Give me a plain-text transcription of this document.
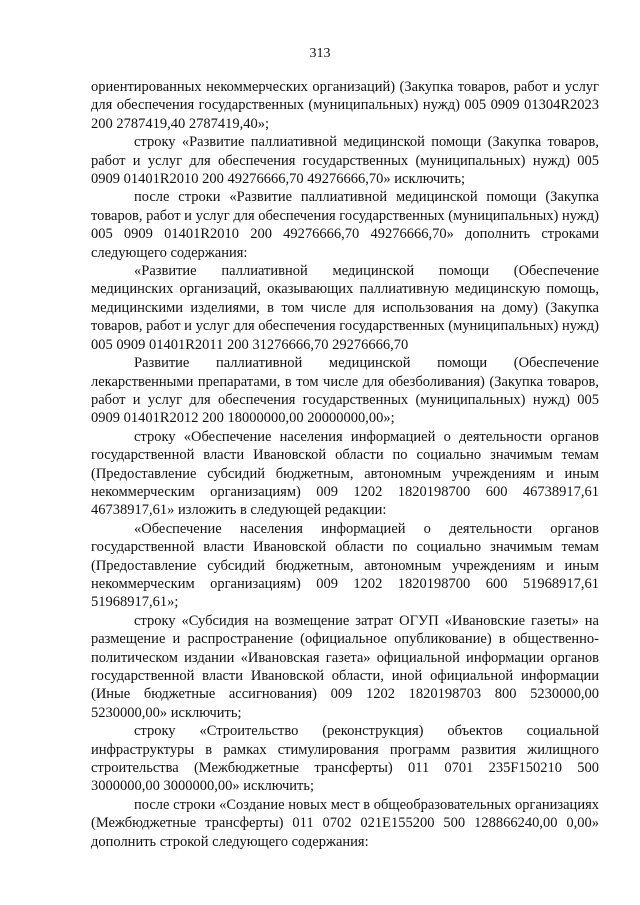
313

ориентированных некоммерческих организаций) (Закупка товаров, работ и услуг для обеспечения государственных (муниципальных) нужд) 005 0909 01304R2023 200 2787419,40 2787419,40»;

строку «Развитие паллиативной медицинской помощи (Закупка товаров, работ и услуг для обеспечения государственных (муниципальных) нужд) 005 0909 01401R2010 200 49276666,70 49276666,70» исключить;

после строки «Развитие паллиативной медицинской помощи (Закупка товаров, работ и услуг для обеспечения государственных (муниципальных) нужд) 005 0909 01401R2010 200 49276666,70 49276666,70» дополнить строками следующего содержания:

«Развитие паллиативной медицинской помощи (Обеспечение медицинских организаций, оказывающих паллиативную медицинскую помощь, медицинскими изделиями, в том числе для использования на дому) (Закупка товаров, работ и услуг для обеспечения государственных (муниципальных) нужд) 005 0909 01401R2011 200 31276666,70 29276666,70

Развитие паллиативной медицинской помощи (Обеспечение лекарственными препаратами, в том числе для обезболивания) (Закупка товаров, работ и услуг для обеспечения государственных (муниципальных) нужд) 005 0909 01401R2012 200 18000000,00 20000000,00»;

строку «Обеспечение населения информацией о деятельности органов государственной власти Ивановской области по социально значимым темам (Предоставление субсидий бюджетным, автономным учреждениям и иным некоммерческим организациям) 009 1202 1820198700 600 46738917,61 46738917,61» изложить в следующей редакции:

«Обеспечение населения информацией о деятельности органов государственной власти Ивановской области по социально значимым темам (Предоставление субсидий бюджетным, автономным учреждениям и иным некоммерческим организациям) 009 1202 1820198700 600 51968917,61 51968917,61»;

строку «Субсидия на возмещение затрат ОГУП «Ивановские газеты» на размещение и распространение (официальное опубликование) в общественно-политическом издании «Ивановская газета» официальной информации органов государственной власти Ивановской области, иной официальной информации (Иные бюджетные ассигнования) 009 1202 1820198703 800 5230000,00 5230000,00» исключить;

строку «Строительство (реконструкция) объектов социальной инфраструктуры в рамках стимулирования программ развития жилищного строительства (Межбюджетные трансферты) 011 0701 235F150210 500 3000000,00 3000000,00» исключить;

после строки «Создание новых мест в общеобразовательных организациях (Межбюджетные трансферты) 011 0702 021E155200 500 128866240,00 0,00» дополнить строкой следующего содержания:
